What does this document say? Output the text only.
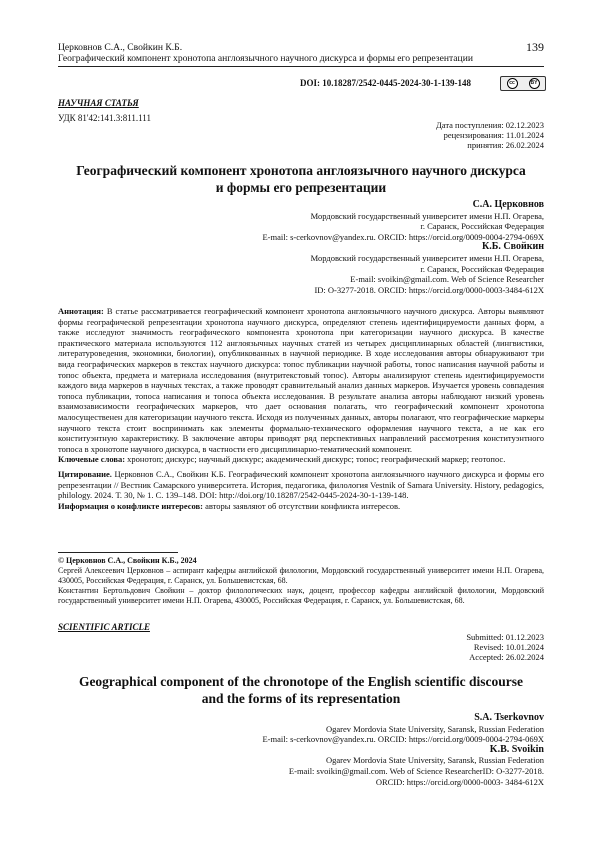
Церковнов С.А., Свойкин К.Б.
Географический компонент хронотопа англоязычного научного дискурса и формы его репрезентации
139
DOI: 10.18287/2542-0445-2024-30-1-139-148	cc	BY
НАУЧНАЯ СТАТЬЯ
УДК 81'42:141.3:811.111
Дата поступления: 02.12.2023
рецензирования: 11.01.2024
принятия: 26.02.2024
Географический компонент хронотопа англоязычного научного дискурса
и формы его репрезентации
С.А. Церковнов
Мордовский государственный университет имени Н.П. Огарева,
г. Саранск, Российская Федерация
E-mail: s-cerkovnov@yandex.ru. ORCID: https://orcid.org/0009-0004-2794-069X
К.Б. Свойкин
Мордовский государственный университет имени Н.П. Огарева,
г. Саранск, Российская Федерация
E-mail: svoikin@gmail.com. Web of Science Researcher
ID: O-3277-2018. ORCID: https://orcid.org/0000-0003-3484-612X

Аннотация: В статье рассматривается географический компонент хронотопа англоязычного научного дискурса. Авторы выявляют формы географической репрезентации хронотопа научного дискурса, определяют степень идентифицируемости данных форм, а также исследуют значимость географического компонента хронотопа при категоризации научного дискурса. В качестве практического материала используются 112 англоязычных научных статей из четырех дисциплинарных областей (лингвистики, литературоведения, экономики, биологии), опубликованных в научной периодике. В ходе исследования авторы обнаруживают три вида географических маркеров в текстах научного дискурса: топос публикации научной работы, топос написания научной работы и топос объекта, предмета и материала исследования (внутритекстовый топос). Авторы анализируют степень идентифицируемости каждого вида маркеров в научных текстах, а также проводят сравнительный анализ данных маркеров. Изучается уровень совпадения топоса публикации, топоса написания и топоса объекта исследования. В результате анализа авторы наблюдают низкий уровень взаимозависимости географических маркеров, что дает основания полагать, что географический компонент хронотопа малосущественен для категоризации научного текста. Исходя из полученных данных, авторы полагают, что географические маркеры научного текста стоит воспринимать как элементы формально-технического оформления научного текста, а не как его конституэнтную характеристику. В заключение авторы приводят ряд перспективных направлений рассмотрения конституэнтного топоса в хронотопе научного дискурса, в частности его дисциплинарно-тематический компонент.

Ключевые слова: хронотоп; дискурс; научный дискурс; академический дискурс; топос; географический маркер; геотопос.

Цитирование. Церковнов С.А., Свойкин К.Б. Географический компонент хронотопа англоязычного научного дискурса и формы его репрезентации // Вестник Самарского университета. История, педагогика, филология Vestnik of Samara University. History, pedagogics, philology. 2024. Т. 30, № 1. С. 139–148. DOI: http://doi.org/10.18287/2542-0445-2024-30-1-139-148.

Информация о конфликте интересов: авторы заявляют об отсутствии конфликта интересов.

© Церковнов С.А., Свойкин К.Б., 2024

Сергей Алексеевич Церковнов – аспирант кафедры английской филологии, Мордовский государственный университет имени Н.П. Огарева, 430005, Российская Федерация, г. Саранск, ул. Большевистская, 68.

Константин Бертольдович Свойкин – доктор филологических наук, доцент, профессор кафедры английской филологии, Мордовский государственный университет имени Н.П. Огарева, 430005, Российская Федерация, г. Саранск, ул. Большевистская, 68.

SCIENTIFIC ARTICLE
Submitted: 01.12.2023
Revised: 10.01.2024
Accepted: 26.02.2024
Geographical component of the chronotope of the English scientific discourse
and the forms of its representation
S.A. Tserkovnov
Ogarev Mordovia State University, Saransk, Russian Federation
E-mail: s-cerkovnov@yandex.ru. ORCID: https://orcid.org/0009-0004-2794-069X
K.B. Svoikin
Ogarev Mordovia State University, Saransk, Russian Federation
E-mail: svoikin@gmail.com. Web of Science ResearcherID: O-3277-2018.
ORCID: https://orcid.org/0000-0003- 3484-612X
